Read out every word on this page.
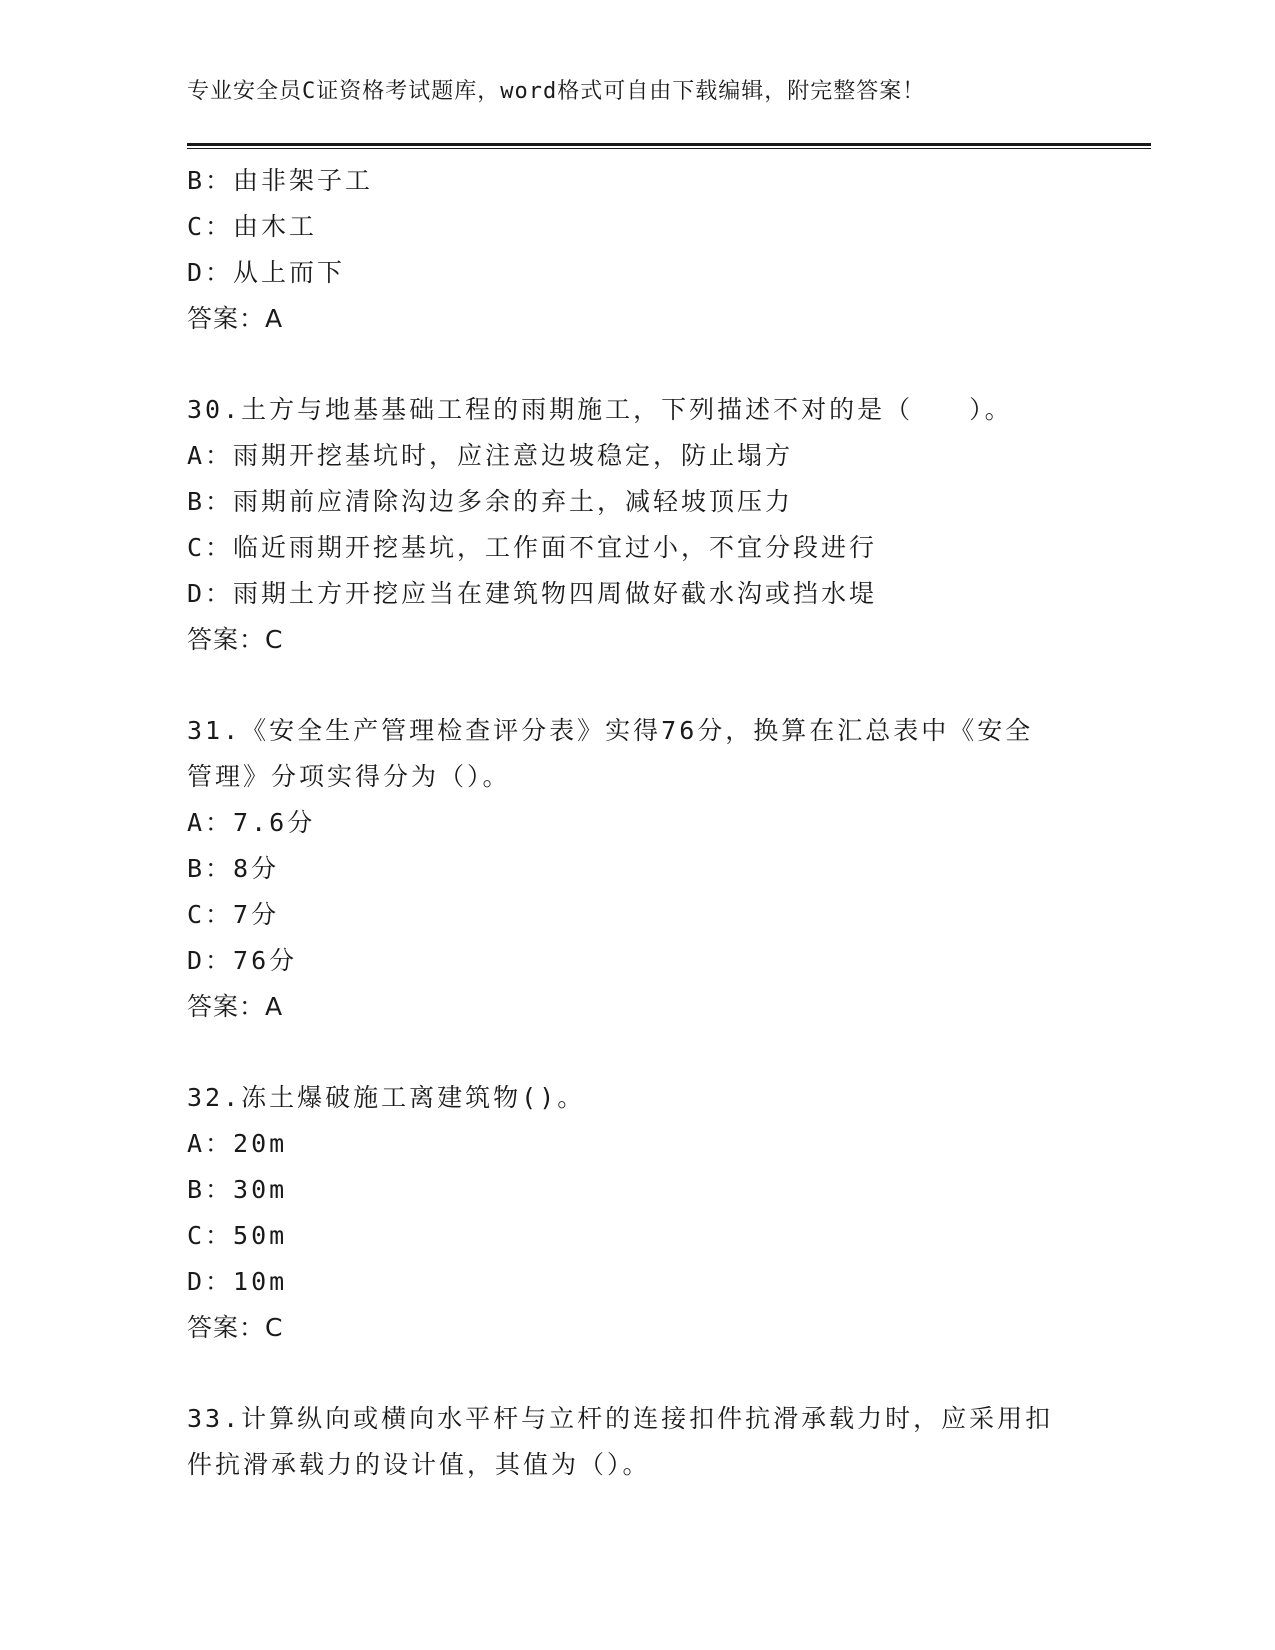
专业安全员C证资格考试题库，word格式可自由下载编辑，附完整答案！
B：由非架子工
C：由木工
D：从上而下
答案：A
30.土方与地基基础工程的雨期施工，下列描述不对的是（　　）。
A：雨期开挖基坑时，应注意边坡稳定，防止塌方
B：雨期前应清除沟边多余的弃土，减轻坡顶压力
C：临近雨期开挖基坑，工作面不宜过小，不宜分段进行
D：雨期土方开挖应当在建筑物四周做好截水沟或挡水堤
答案：C
31.《安全生产管理检查评分表》实得76分，换算在汇总表中《安全
管理》分项实得分为（）。
A：7.6分
B：8分
C：7分
D：76分
答案：A
32.冻土爆破施工离建筑物()。
A：20m
B：30m
C：50m
D：10m
答案：C
33.计算纵向或横向水平杆与立杆的连接扣件抗滑承载力时，应采用扣
件抗滑承载力的设计值，其值为（）。
